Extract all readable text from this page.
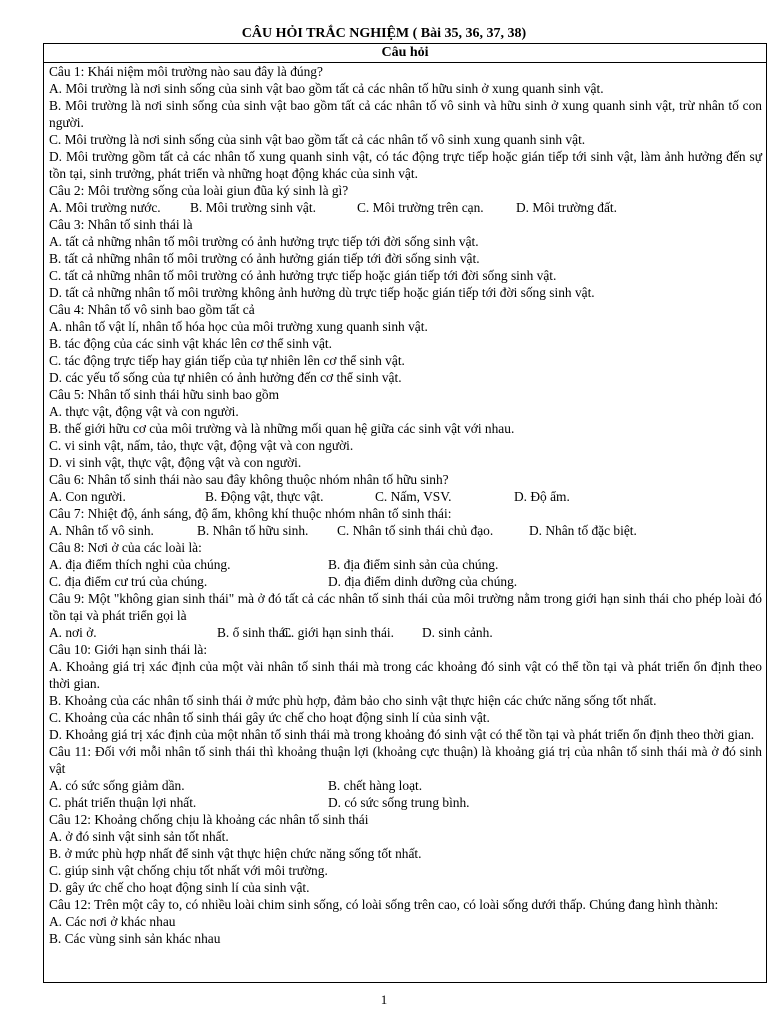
CÂU HỎI TRẮC NGHIỆM ( Bài 35, 36, 37, 38)
Câu hỏi
Câu 1: Khái niệm môi trường nào sau đây là đúng?
A. Môi trường là nơi sinh sống của sinh vật bao gồm tất cả các nhân tố hữu sinh ở xung quanh sinh vật.
B. Môi trường là nơi sinh sống của sinh vật bao gồm tất cả các nhân tố vô sinh và hữu sinh ở xung quanh sinh vật, trừ nhân tố con người.
C. Môi trường là nơi sinh sống của sinh vật bao gồm tất cả các nhân tố vô sinh xung quanh sinh vật.
D. Môi trường gồm tất cả các nhân tố xung quanh sinh vật, có tác động trực tiếp hoặc gián tiếp tới sinh vật, làm ảnh hưởng đến sự tồn tại, sinh trưởng, phát triển và những hoạt động khác của sinh vật.
Câu 2: Môi trường sống của loài giun đũa ký sinh là gì?
A. Môi trường nước. B. Môi trường sinh vật.	C. Môi trường trên cạn. D. Môi trường đất.
Câu 3: Nhân tố sinh thái là
A. tất cả những nhân tố môi trường có ảnh hưởng trực tiếp tới đời sống sinh vật.
B. tất cả những nhân tố môi trường có ảnh hưởng gián tiếp tới đời sống sinh vật.
C. tất cả những nhân tố môi trường có ảnh hưởng trực tiếp hoặc gián tiếp tới đời sống sinh vật.
D. tất cả những nhân tố môi trường không ảnh hưởng dù trực tiếp hoặc gián tiếp tới đời sống sinh vật.
Câu 4: Nhân tố vô sinh bao gồm tất cả
A. nhân tố vật lí, nhân tố hóa học của môi trường xung quanh sinh vật.
B. tác động của các sinh vật khác lên cơ thể sinh vật.
C. tác động trực tiếp hay gián tiếp của tự nhiên lên cơ thể sinh vật.
D. các yếu tố sống của tự nhiên có ảnh hưởng đến cơ thể sinh vật.
Câu 5: Nhân tố sinh thái hữu sinh bao gồm
A. thực vật, động vật và con người.
B. thế giới hữu cơ của môi trường và là những mối quan hệ giữa các sinh vật với nhau.
C. vi sinh vật, nấm, tảo, thực vật, động vật và con người.
D. vi sinh vật, thực vật, động vật và con người.
Câu 6: Nhân tố sinh thái nào sau đây không thuộc nhóm nhân tố hữu sinh?
A. Con người.	B. Động vật, thực vật.	C. Nấm, VSV.	D. Độ ẩm.
Câu 7: Nhiệt độ, ánh sáng, độ ẩm, không khí thuộc nhóm nhân tố sinh thái:
A. Nhân tố vô sinh.	B. Nhân tố hữu sinh. C. Nhân tố sinh thái chủ đạo.	D. Nhân tố đặc biệt.
Câu 8: Nơi ở của các loài là:
A. địa điểm thích nghi của chúng.	B. địa điểm sinh sản của chúng.
C. địa điểm cư trú của chúng.	D. địa điểm dinh dưỡng của chúng.
Câu 9: Một "không gian sinh thái" mà ở đó tất cả các nhân tố sinh thái của môi trường nằm trong giới hạn sinh thái cho phép loài đó tồn tại và phát triển gọi là
A. nơi ở.	B. ổ sinh thái.
C. giới hạn sinh thái. D. sinh cảnh.
Câu 10: Giới hạn sinh thái là:
A. Khoảng giá trị xác định của một vài nhân tố sinh thái mà trong các khoảng đó sinh vật có thể tồn tại và phát triển ổn định theo thời gian.
B. Khoảng của các nhân tố sinh thái ở mức phù hợp, đảm bảo cho sinh vật thực hiện các chức năng sống tốt nhất.
C. Khoảng của các nhân tố sinh thái gây ức chế cho hoạt động sinh lí của sinh vật.
D. Khoảng giá trị xác định của một nhân tố sinh thái mà trong khoảng đó sinh vật có thể tồn tại và phát triển ổn định theo thời gian.
Câu 11: Đối với mỗi nhân tố sinh thái thì khoảng thuận lợi (khoảng cực thuận) là khoảng giá trị của nhân tố sinh thái mà ở đó sinh vật
A. có sức sống giảm dần.	B. chết hàng loạt.
C. phát triển thuận lợi nhất.	D. có sức sống trung bình.
Câu 12: Khoảng chống chịu là khoảng các nhân tố sinh thái
A. ở đó sinh vật sinh sản tốt nhất.
B. ở mức phù hợp nhất để sinh vật thực hiện chức năng sống tốt nhất.
C. giúp sinh vật chống chịu tốt nhất với môi trường.
D. gây ức chế cho hoạt động sinh lí của sinh vật.
Câu 12: Trên một cây to, có nhiều loài chim sinh sống, có loài sống trên cao, có loài sống dưới thấp. Chúng đang hình thành:
A. Các nơi ở khác nhau
B. Các vùng sinh sản khác nhau
1
